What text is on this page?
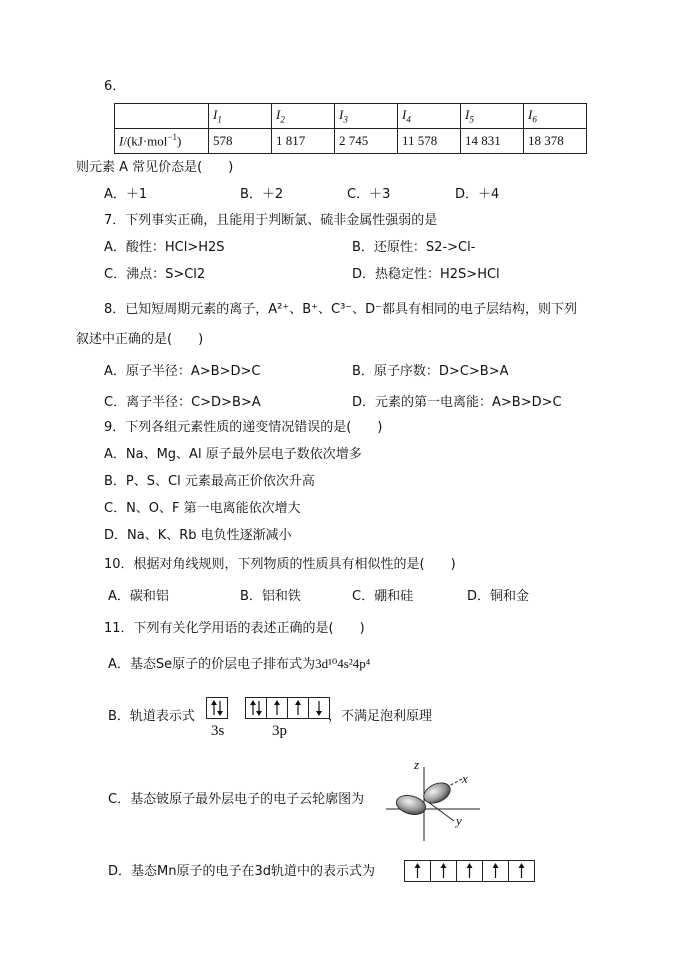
6．
	$I_1$	$I_2$	$I_3$	$I_4$	$I_5$	$I_6$
I/(kJ·mol$^{-1}$)	578	1 817	2 745	11 578	14 831	18 378
则元素 A 常见价态是(　　)
A．＋1	B．＋2	C．＋3	D．＋4
7．下列事实正确，且能用于判断氯、硫非金属性强弱的是
A．酸性：HCl>H2S	B．还原性：S2->Cl-
C．沸点：S>Cl2	D．热稳定性：H2S>HCl
8．已知短周期元素的离子，A²⁺、B⁺、C³⁻、D⁻都具有相同的电子层结构，则下列
叙述中正确的是(　　)
A．原子半径：A>B>D>C	B．原子序数：D>C>B>A
C．离子半径：C>D>B>A	D．元素的第一电离能：A>B>D>C
9．下列各组元素性质的递变情况错误的是(　　)
A．Na、Mg、Al 原子最外层电子数依次增多
B．P、S、Cl 元素最高正价依次升高
C．N、O、F 第一电离能依次增大
D．Na、K、Rb 电负性逐渐减小
10．根据对角线规则，下列物质的性质具有相似性的是(　　)
A．碳和铝	B．铝和铁	C．硼和硅	D．铜和金
11．下列有关化学用语的表述正确的是(　　)
A．基态Se原子的价层电子排布式为3d¹⁰4s²4p⁴
B．轨道表示式	，不满足泡利原理
3s	3p
C．基态铍原子最外层电子的电子云轮廓图为
z
x
y
D．基态Mn原子的电子在3d轨道中的表示式为
